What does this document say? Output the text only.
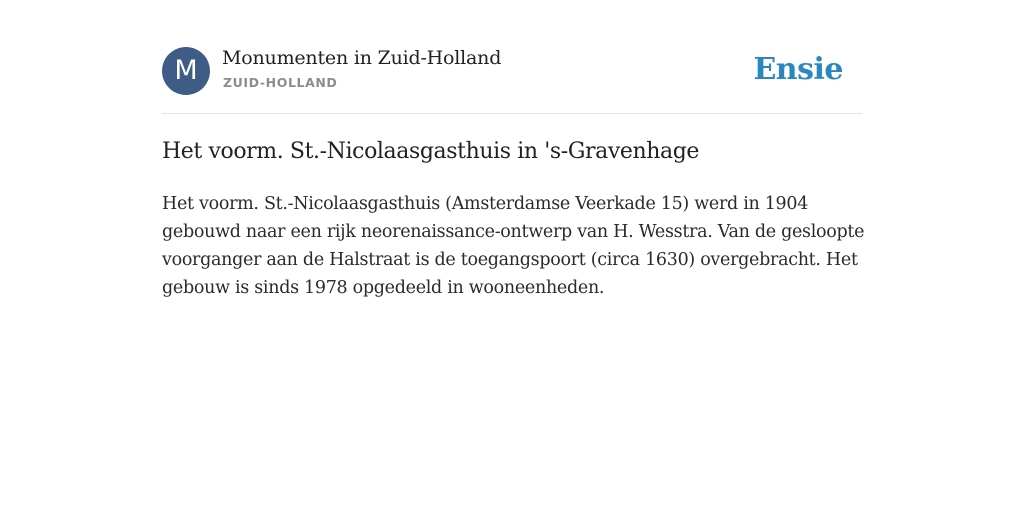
M	Monumenten in Zuid-Holland
ZUID-HOLLAND	Ensie
Het voorm. St.-Nicolaasgasthuis in 's-Gravenhage

Het voorm. St.-Nicolaasgasthuis (Amsterdamse Veerkade 15) werd in 1904 gebouwd naar een rijk neorenaissance-ontwerp van H. Wesstra. Van de gesloopte voorganger aan de Halstraat is de toegangspoort (circa 1630) overgebracht. Het gebouw is sinds 1978 opgedeeld in wooneenheden.
